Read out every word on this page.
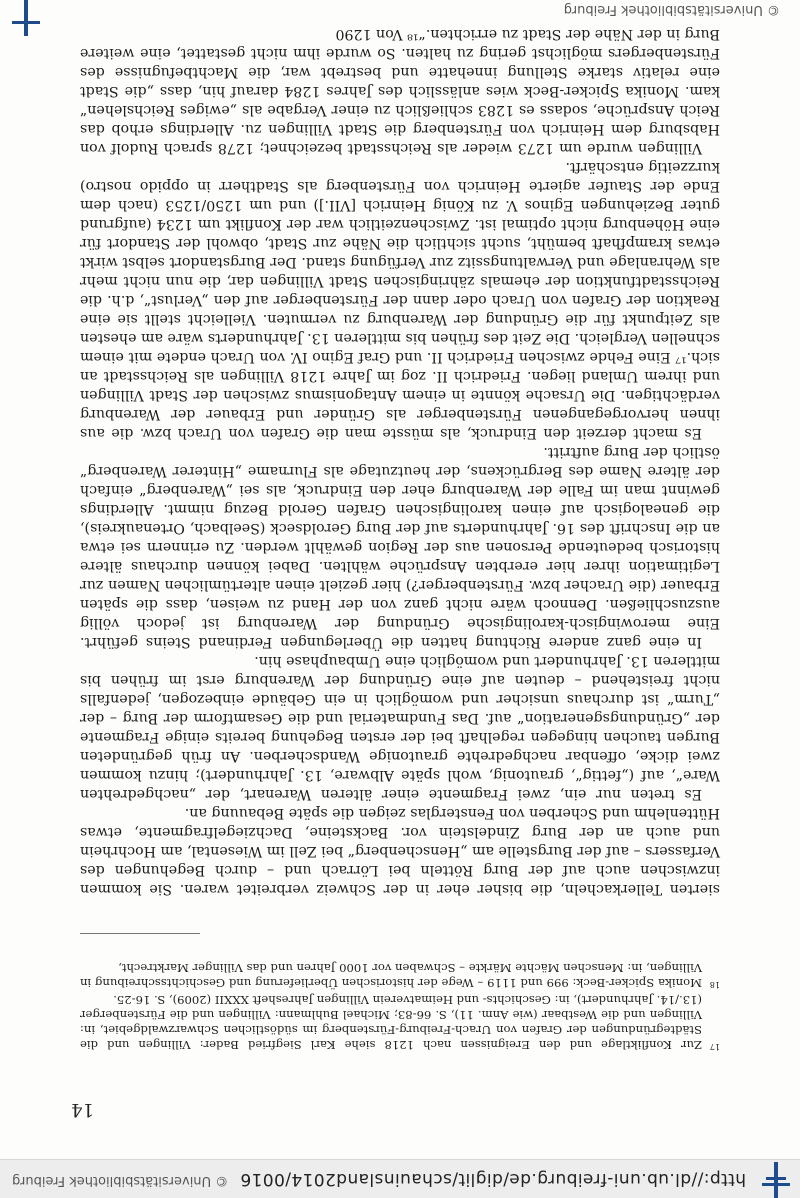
http://dl.ub.uni-freiburg.de/diglit/schauinsland2014/0016
© Universitätsbibliothek Freiburg
14

sierten Tellerkacheln, die bisher eher in der Schweiz verbreitet waren. Sie kommen inzwischen auch auf der Burg Rötteln bei Lörrach und – durch Begehungen des Verfassers – auf der Burgstelle am „Henschenberg“ bei Zell im Wiesental, am Hochrhein und auch an der Burg Zindelstein vor. Backsteine, Dachziegelfragmente, etwas Hüttenlehm und Scherben von Fensterglas zeigen die späte Bebauung an.

Es treten nur ein, zwei Fragmente einer älteren Warenart, der „nachgedrehten Ware“, auf („fettig“, grautonig, wohl späte Albware, 13. Jahrhundert); hinzu kommen zwei dicke, offenbar nachgedrehte grautonige Wandscherben. An früh gegründeten Burgen tauchen hingegen regelhaft bei der ersten Begehung bereits einige Fragmente der „Gründungsgeneration“ auf. Das Fundmaterial und die Gesamtform der Burg – der „Turm“ ist durchaus unsicher und womöglich in ein Gebäude einbezogen, jedenfalls nicht freistehend – deuten auf eine Gründung der Warenburg erst im frühen bis mittleren 13. Jahrhundert und womöglich eine Umbauphase hin.

In eine ganz andere Richtung hatten die Überlegungen Ferdinand Steins geführt. Eine merowingisch-karolingische Gründung der Warenburg ist jedoch völlig auszuschließen. Dennoch wäre nicht ganz von der Hand zu weisen, dass die späten Erbauer (die Uracher bzw. Fürstenberger?) hier gezielt einen altertümlichen Namen zur Legitimation ihrer hier ererbten Ansprüche wählten. Dabei können durchaus ältere historisch bedeutende Personen aus der Region gewählt werden. Zu erinnern sei etwa an die Inschrift des 16. Jahrhunderts auf der Burg Geroldseck (Seelbach, Ortenaukreis), die genealogisch auf einen karolingischen Grafen Gerold Bezug nimmt. Allerdings gewinnt man im Falle der Warenburg eher den Eindruck, als sei „Warenberg“ einfach der ältere Name des Bergrückens, der heutzutage als Flurname „Hinterer Warenberg“ östlich der Burg auftritt.

Es macht derzeit den Eindruck, als müsste man die Grafen von Urach bzw. die aus ihnen hervorgegangenen Fürstenberger als Gründer und Erbauer der Warenburg verdächtigen. Die Ursache könnte in einem Antagonismus zwischen der Stadt Villingen und ihrem Umland liegen. Friedrich II. zog im Jahre 1218 Villingen als Reichsstadt an sich.¹⁷ Eine Fehde zwischen Friedrich II. und Graf Egino IV. von Urach endete mit einem schnellen Vergleich. Die Zeit des frühen bis mittleren 13. Jahrhunderts wäre am ehesten als Zeitpunkt für die Gründung der Warenburg zu vermuten. Vielleicht stellt sie eine Reaktion der Grafen von Urach oder dann der Fürstenberger auf den „Verlust“, d.h. die Reichsstadtfunktion der ehemals zähringischen Stadt Villingen dar, die nun nicht mehr als Wehranlage und Verwaltungssitz zur Verfügung stand. Der Burgstandort selbst wirkt etwas krampfhaft bemüht, sucht sichtlich die Nähe zur Stadt, obwohl der Standort für eine Höhenburg nicht optimal ist. Zwischenzeitlich war der Konflikt um 1234 (aufgrund guter Beziehungen Eginos V. zu König Heinrich [VII.]) und um 1250/1253 (nach dem Ende der Staufer agierte Heinrich von Fürstenberg als Stadtherr in oppido nostro) kurzzeitig entschärft.

Villingen wurde um 1273 wieder als Reichsstadt bezeichnet; 1278 sprach Rudolf von Habsburg dem Heinrich von Fürstenberg die Stadt Villingen zu. Allerdings erhob das Reich Ansprüche, sodass es 1283 schließlich zu einer Vergabe als „ewiges Reichslehen“ kam. Monika Spicker-Beck wies anlässlich des Jahres 1284 darauf hin, dass „die Stadt eine relativ starke Stellung innehatte und bestrebt war, die Machtbefugnisse des Fürstenbergers möglichst gering zu halten. So wurde ihm nicht gestattet, eine weitere Burg in der Nähe der Stadt zu errichten.“¹⁸ Von 1290

17
Zur Konfliktlage und den Ereignissen nach 1218 siehe Karl Siegfried Bader: Villingen und die Städtegründungen der Grafen von Urach-Freiburg-Fürstenberg im südöstlichen Schwarzwaldgebiet, in: Villingen und die Westbaar (wie Anm. 11), S. 66-83; Michael Buhlmann: Villingen und die Fürstenberger (13./14. Jahrhundert), in: Geschichts- und Heimatverein Villingen Jahresheft XXXII (2009), S. 16-25.
18
Monika Spicker-Beck: 999 und 1119 – Wege der historischen Überlieferung und Geschichtsschreibung in Villingen, in: Menschen Mächte Märkte – Schwaben vor 1000 Jahren und das Villinger Marktrecht,
© Universitätsbibliothek Freiburg
